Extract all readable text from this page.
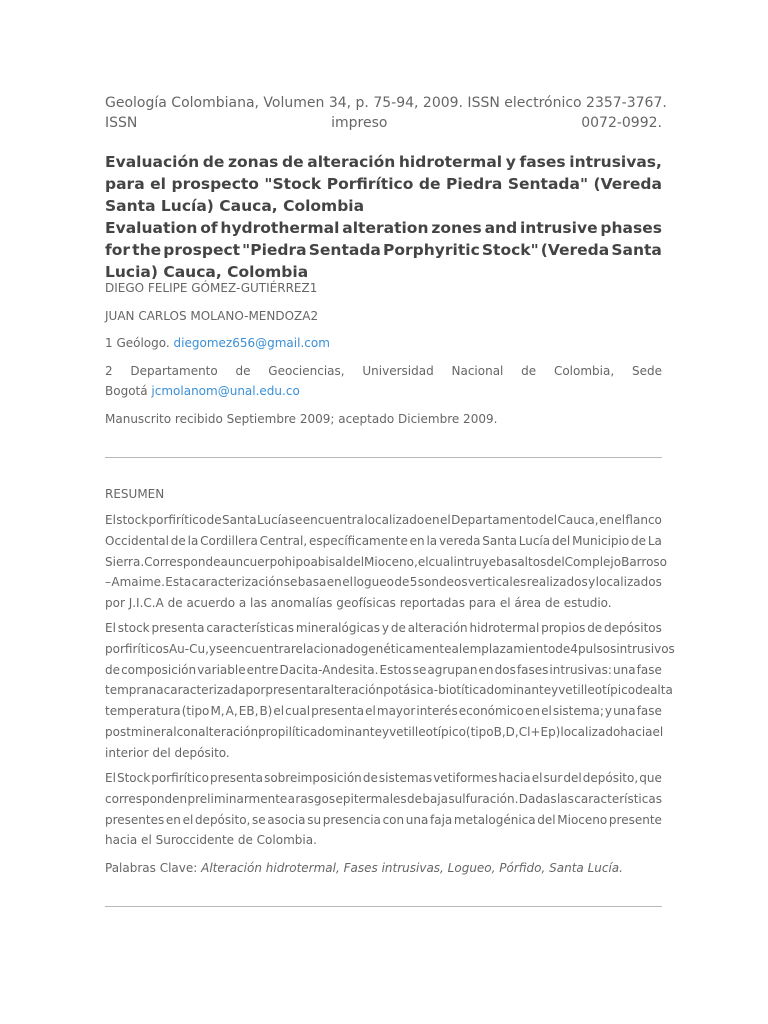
Geología Colombiana, Volumen 34, p. 75-94, 2009. ISSN electrónico 2357-3767.
ISSN	impreso	0072-0992.
Evaluación de zonas de alteración hidrotermal y fases intrusivas,
para el prospecto "Stock Porfirítico de Piedra Sentada" (Vereda
Santa Lucía) Cauca, Colombia
Evaluation of hydrothermal alteration zones and intrusive phases
for the prospect "Piedra Sentada Porphyritic Stock" (Vereda Santa
Lucia) Cauca, Colombia
DIEGO FELIPE GÓMEZ-GUTIÉRREZ1
JUAN CARLOS MOLANO-MENDOZA2
1 Geólogo. diegomez656@gmail.com
2 Departamento de Geociencias, Universidad Nacional de Colombia, Sede
Bogotá jcmolanom@unal.edu.co
Manuscrito recibido Septiembre 2009; aceptado Diciembre 2009.
RESUMEN
El stock porfirítico de Santa Lucía se encuentra localizado en el Departamento del Cauca, en el flanco
Occidental de la Cordillera Central, específicamente en la vereda Santa Lucía del Municipio de La
Sierra. Corresponde a un cuerpo hipoabisal del Mioceno, el cual intruye basaltos del Complejo Barroso
– Amaime. Esta caracterización se basa en el logueo de 5 sondeos verticales realizados y localizados
por J.I.C.A de acuerdo a las anomalías geofísicas reportadas para el área de estudio.
El stock presenta características mineralógicas y de alteración hidrotermal propios de depósitos
porfiríticos Au-Cu, y se encuentra relacionado genéticamente al emplazamiento de 4 pulsos intrusivos
de composición variable entre Dacita-Andesita. Estos se agrupan en dos fases intrusivas: una fase
temprana caracterizada por presentar alteración potásica-biotítica dominante y vetilleo típico de alta
temperatura (tipo M, A, EB, B) el cual presenta el mayor interés económico en el sistema; y una fase
postmineral con alteración propilítica dominante y vetilleo típico (tipo B, D, Cl+Ep) localizado hacia el
interior del depósito.
El Stock porfirítico presenta sobreimposición de sistemas vetiformes hacia el sur del depósito, que
corresponden preliminarmente a rasgos epitermales de baja sulfuración. Dadas las características
presentes en el depósito, se asocia su presencia con una faja metalogénica del Mioceno presente
hacia el Suroccidente de Colombia.
Palabras Clave: Alteración hidrotermal, Fases intrusivas, Logueo, Pórfido, Santa Lucía.
